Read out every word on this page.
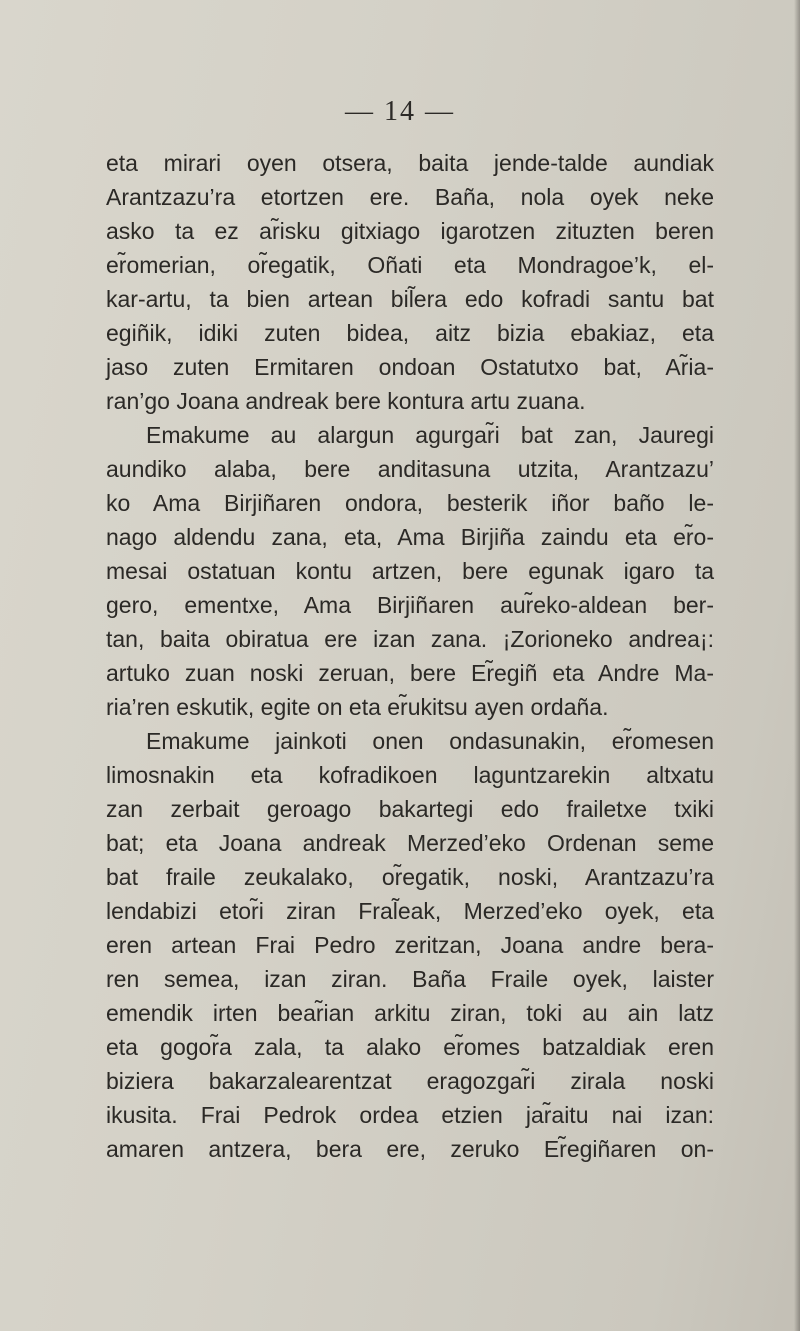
— 14 —
eta mirari oyen otsera, baita jende-talde aundiak
Arantzazu’ra etortzen ere. Baña, nola oyek neke
asko ta ez ar̃isku gitxiago igarotzen zituzten beren
er̃omerian, or̃egatik, Oñati eta Mondragoe’k, el-
kar-artu, ta bien artean bil̃era edo kofradi santu bat
egiñik, idiki zuten bidea, aitz bizia ebakiaz, eta
jaso zuten Ermitaren ondoan Ostatutxo bat, Ar̃ia-
ran’go Joana andreak bere kontura artu zuana.
Emakume au alargun agurgar̃i bat zan, Jauregi
aundiko alaba, bere anditasuna utzita, Arantzazu’
ko Ama Birjiñaren ondora, besterik iñor baño le-
nago aldendu zana, eta, Ama Birjiña zaindu eta er̃o-
mesai ostatuan kontu artzen, bere egunak igaro ta
gero, ementxe, Ama Birjiñaren aur̃eko-aldean ber-
tan, baita obiratua ere izan zana. ¡Zorioneko andrea¡:
artuko zuan noski zeruan, bere Er̃egiñ eta Andre Ma-
ria’ren eskutik, egite on eta er̃ukitsu ayen ordaña.
Emakume jainkoti onen ondasunakin, er̃omesen
limosnakin eta kofradikoen laguntzarekin altxatu
zan zerbait geroago bakartegi edo frailetxe txiki
bat; eta Joana andreak Merzed’eko Ordenan seme
bat fraile zeukalako, or̃egatik, noski, Arantzazu’ra
lendabizi etor̃i ziran Fral̃eak, Merzed’eko oyek, eta
eren artean Frai Pedro zeritzan, Joana andre bera-
ren semea, izan ziran. Baña Fraile oyek, laister
emendik irten bear̃ian arkitu ziran, toki au ain latz
eta gogor̃a zala, ta alako er̃omes batzaldiak eren
biziera bakarzalearentzat eragozgar̃i zirala noski
ikusita. Frai Pedrok ordea etzien jar̃aitu nai izan:
amaren antzera, bera ere, zeruko Er̃egiñaren on-
